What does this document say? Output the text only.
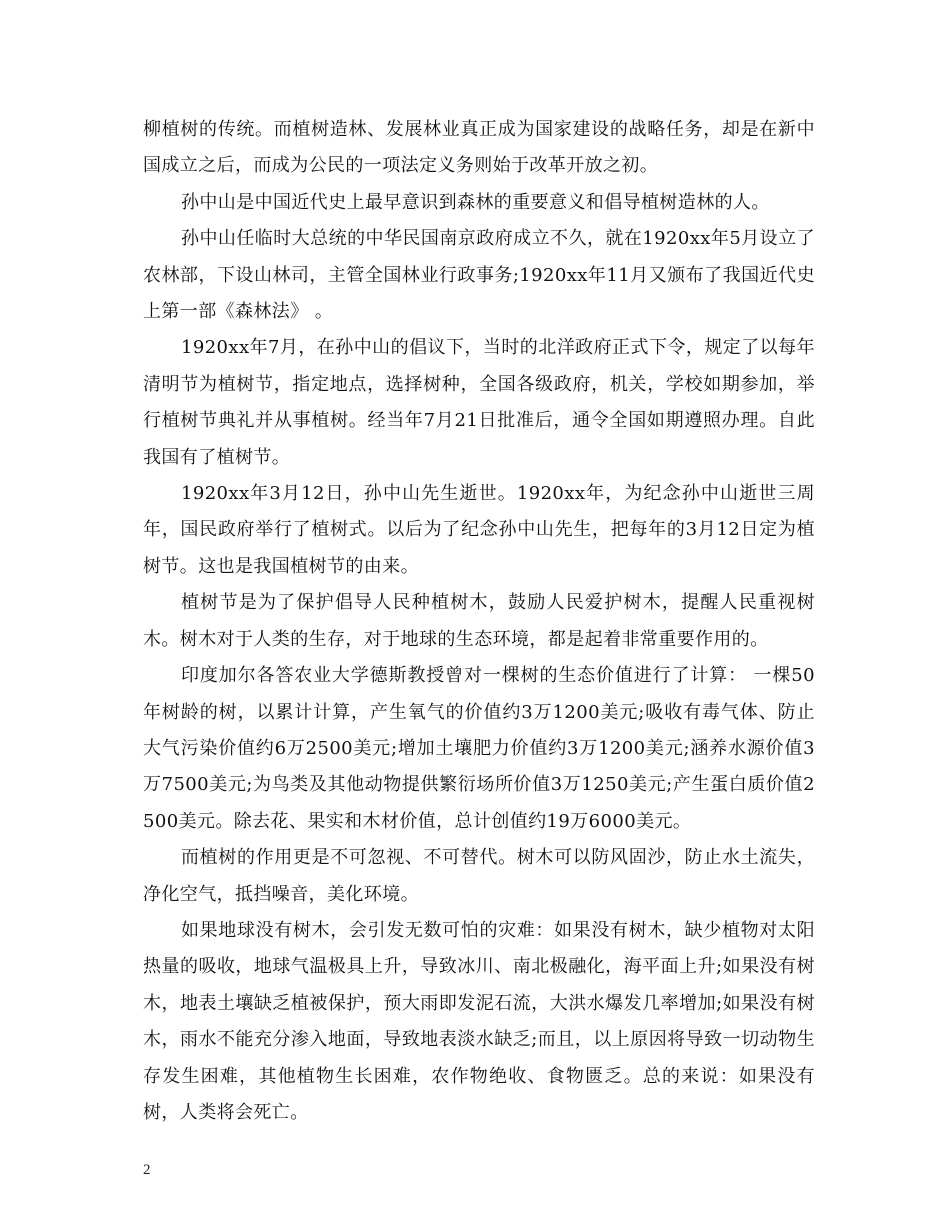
柳植树的传统。而植树造林、发展林业真正成为国家建设的战略任务，却是在新中国成立之后，而成为公民的一项法定义务则始于改革开放之初。

孙中山是中国近代史上最早意识到森林的重要意义和倡导植树造林的人。

孙中山任临时大总统的中华民国南京政府成立不久，就在1920xx年5月设立了农林部，下设山林司，主管全国林业行政事务;1920xx年11月又颁布了我国近代史上第一部《森林法》 。

1920xx年7月，在孙中山的倡议下，当时的北洋政府正式下令，规定了以每年清明节为植树节，指定地点，选择树种，全国各级政府，机关，学校如期参加，举行植树节典礼并从事植树。经当年7月21日批准后，通令全国如期遵照办理。自此我国有了植树节。

1920xx年3月12日，孙中山先生逝世。1920xx年，为纪念孙中山逝世三周年，国民政府举行了植树式。以后为了纪念孙中山先生，把每年的3月12日定为植树节。这也是我国植树节的由来。

植树节是为了保护倡导人民种植树木，鼓励人民爱护树木，提醒人民重视树木。树木对于人类的生存，对于地球的生态环境，都是起着非常重要作用的。

印度加尔各答农业大学德斯教授曾对一棵树的生态价值进行了计算： 一棵50年树龄的树，以累计计算，产生氧气的价值约3万1200美元;吸收有毒气体、防止大气污染价值约6万2500美元;增加土壤肥力价值约3万1200美元;涵养水源价值3万7500美元;为鸟类及其他动物提供繁衍场所价值3万1250美元;产生蛋白质价值2500美元。除去花、果实和木材价值，总计创值约19万6000美元。

而植树的作用更是不可忽视、不可替代。树木可以防风固沙，防止水土流失，净化空气，抵挡噪音，美化环境。

如果地球没有树木，会引发无数可怕的灾难：如果没有树木，缺少植物对太阳热量的吸收，地球气温极具上升，导致冰川、南北极融化，海平面上升;如果没有树木，地表土壤缺乏植被保护，预大雨即发泥石流，大洪水爆发几率增加;如果没有树木，雨水不能充分渗入地面，导致地表淡水缺乏;而且，以上原因将导致一切动物生存发生困难，其他植物生长困难，农作物绝收、食物匮乏。总的来说：如果没有树，人类将会死亡。

2
